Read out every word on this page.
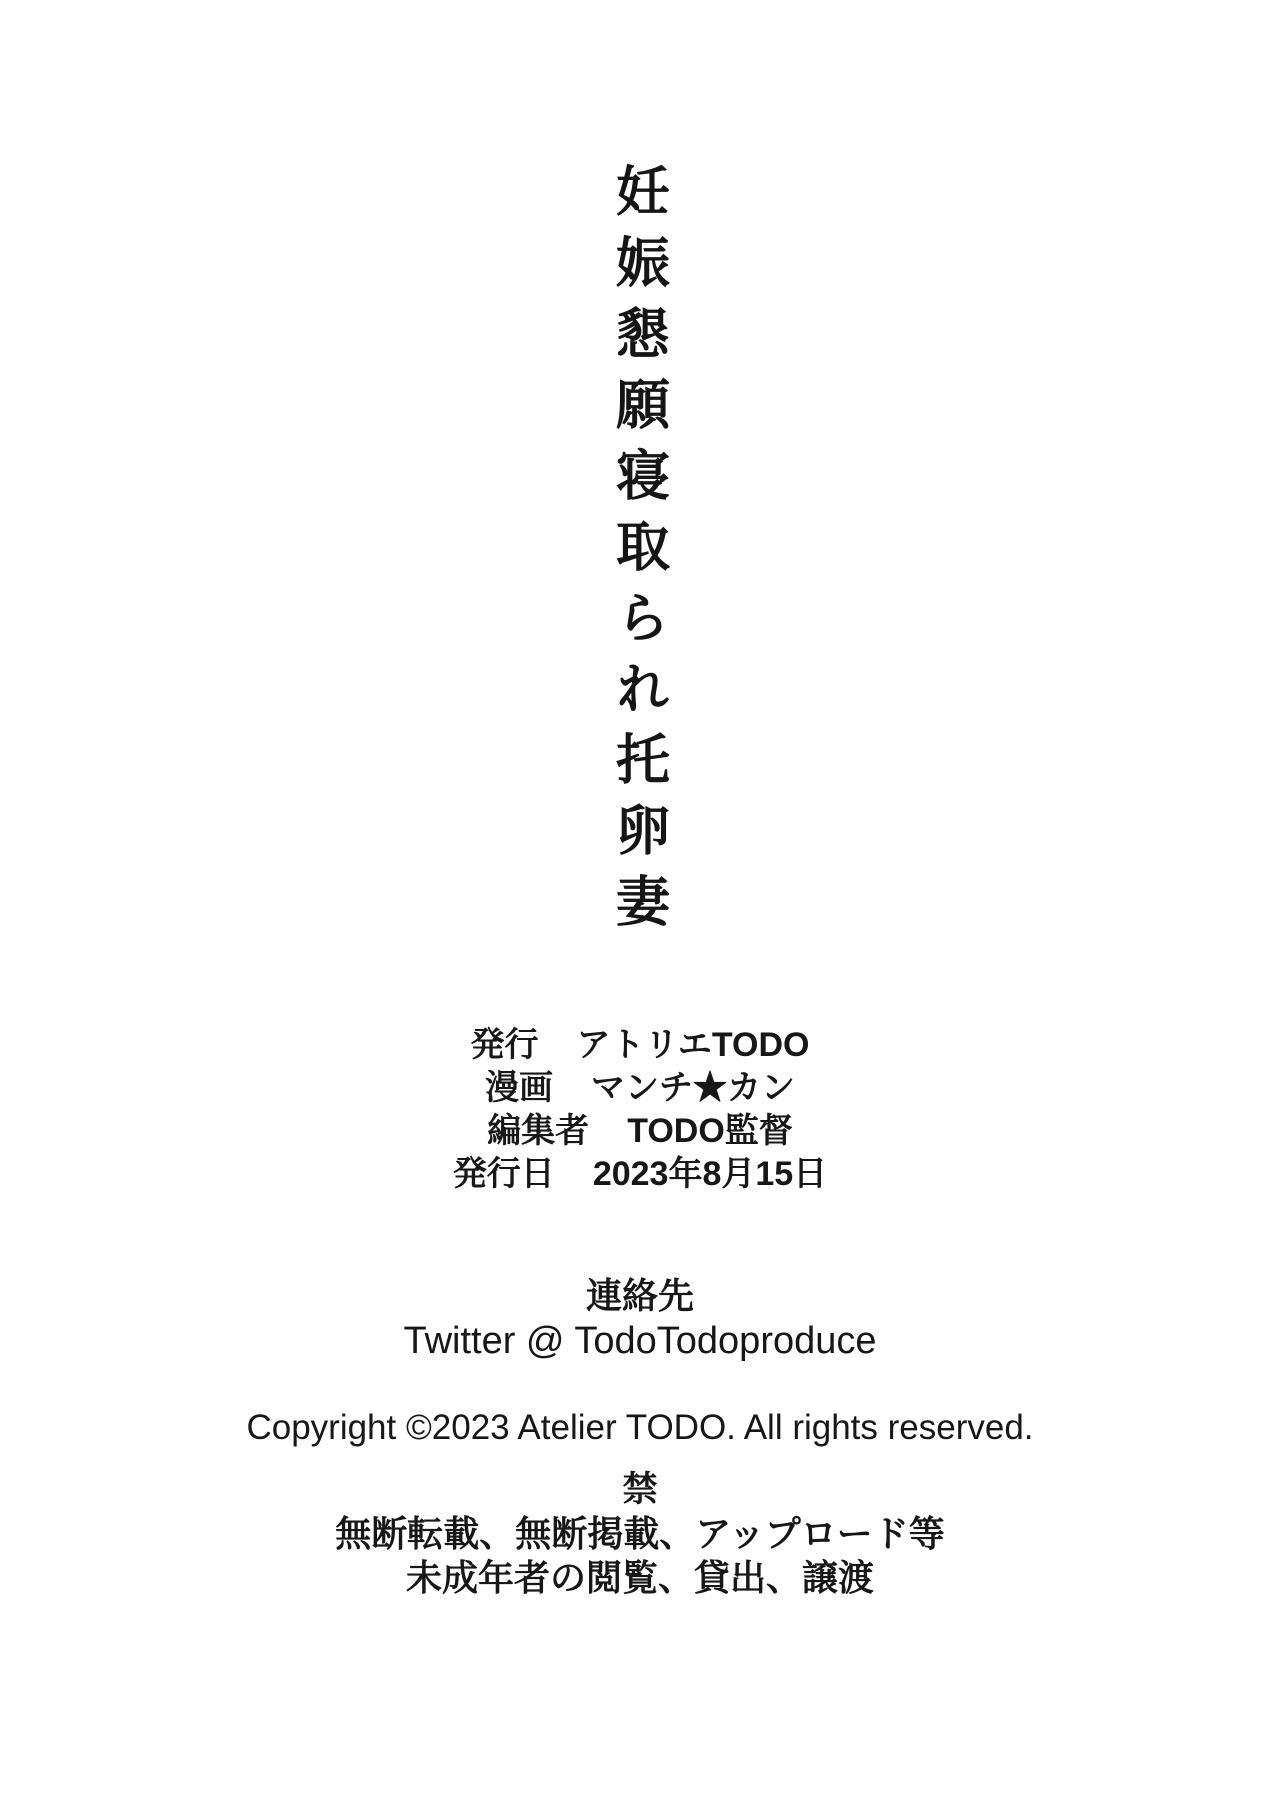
妊娠懇願寝取られ托卵妻
発行 アトリエTODO
漫画 マンチ★カン
編集者 TODO監督
発行日 2023年8月15日
連絡先
Twitter @ TodoTodoproduce
Copyright ©2023 Atelier TODO. All rights reserved.
禁
無断転載、無断掲載、アップロード等
未成年者の閲覧、貸出、譲渡
